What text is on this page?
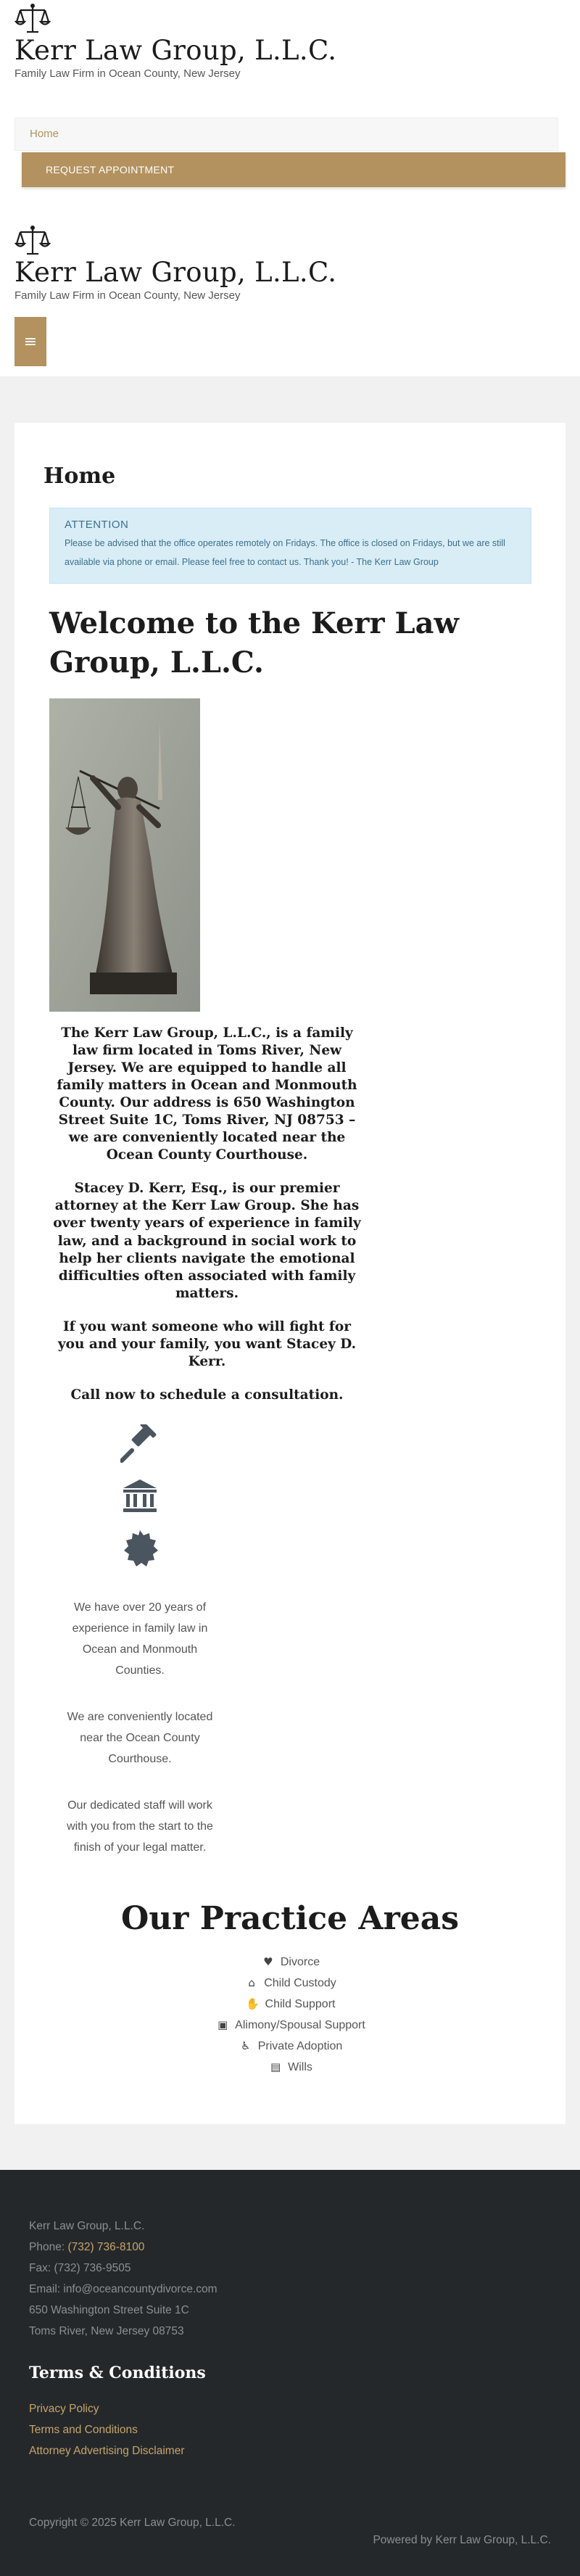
Kerr Law Group, L.L.C.

Family Law Firm in Ocean County, New Jersey

Home
REQUEST APPOINTMENT
Kerr Law Group, L.L.C.

Family Law Firm in Ocean County, New Jersey

≡
Home
ATTENTION
Please be advised that the office operates remotely on Fridays. The office is closed on Fridays, but we are still available via phone or email. Please feel free to contact us. Thank you! - The Kerr Law Group
Welcome to the Kerr Law Group, L.L.C.

The Kerr Law Group, L.L.C., is a family law firm located in Toms River, New Jersey. We are equipped to handle all family matters in Ocean and Monmouth County. Our address is 650 Washington Street Suite 1C, Toms River, NJ 08753 – we are conveniently located near the Ocean County Courthouse.

Stacey D. Kerr, Esq., is our premier attorney at the Kerr Law Group. She has over twenty years of experience in family law, and a background in social work to help her clients navigate the emotional difficulties often associated with family matters.

If you want someone who will fight for you and your family, you want Stacey D. Kerr.

Call now to schedule a consultation.

We have over 20 years of experience in family law in Ocean and Monmouth Counties.

We are conveniently located near the Ocean County Courthouse.

Our dedicated staff will work with you from the start to the finish of your legal matter.

Our Practice Areas
♥ Divorce
⌂ Child Custody
✋ Child Support
▣ Alimony/Spousal Support
♿ Private Adoption
▤ Wills
Kerr Law Group, L.L.C.
Phone: (732) 736-8100
Fax: (732) 736-9505
Email: info@oceancountydivorce.com
650 Washington Street Suite 1C
Toms River, New Jersey 08753
Terms & Conditions
Privacy Policy
Terms and Conditions
Attorney Advertising Disclaimer
Copyright © 2025 Kerr Law Group, L.L.C.
Powered by Kerr Law Group, L.L.C.
